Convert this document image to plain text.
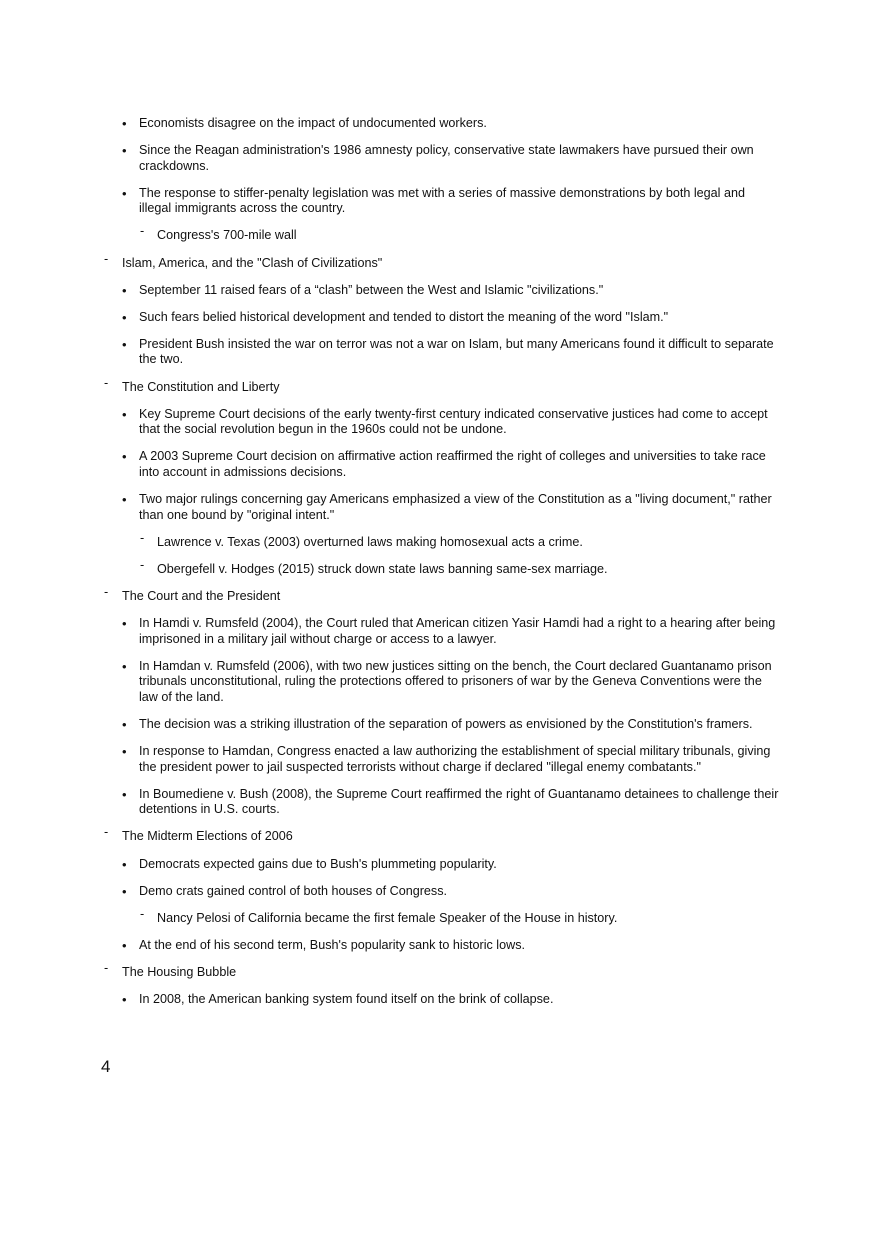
• Economists disagree on the impact of undocumented workers.
• Since the Reagan administration's 1986 amnesty policy, conservative state lawmakers have pursued their own crackdowns.
• The response to stiffer-penalty legislation was met with a series of massive demonstrations by both legal and illegal immigrants across the country.
- Congress's 700-mile wall
- Islam, America, and the "Clash of Civilizations"
• September 11 raised fears of a “clash” between the West and Islamic "civilizations."
• Such fears belied historical development and tended to distort the meaning of the word "Islam."
• President Bush insisted the war on terror was not a war on Islam, but many Americans found it difficult to separate the two.
- The Constitution and Liberty
• Key Supreme Court decisions of the early twenty-first century indicated conservative justices had come to accept that the social revolution begun in the 1960s could not be undone.
• A 2003 Supreme Court decision on affirmative action reaffirmed the right of colleges and universities to take race into account in admissions decisions.
• Two major rulings concerning gay Americans emphasized a view of the Constitution as a "living document," rather than one bound by "original intent."
- Lawrence v. Texas (2003) overturned laws making homosexual acts a crime.
- Obergefell v. Hodges (2015) struck down state laws banning same-sex marriage.
- The Court and the President
• In Hamdi v. Rumsfeld (2004), the Court ruled that American citizen Yasir Hamdi had a right to a hearing after being imprisoned in a military jail without charge or access to a lawyer.
• In Hamdan v. Rumsfeld (2006), with two new justices sitting on the bench, the Court declared Guantanamo prison tribunals unconstitutional, ruling the protections offered to prisoners of war by the Geneva Conventions were the law of the land.
• The decision was a striking illustration of the separation of powers as envisioned by the Constitution's framers.
• In response to Hamdan, Congress enacted a law authorizing the establishment of special military tribunals, giving the president power to jail suspected terrorists without charge if declared "illegal enemy combatants."
• In Boumediene v. Bush (2008), the Supreme Court reaffirmed the right of Guantanamo detainees to challenge their detentions in U.S. courts.
- The Midterm Elections of 2006
• Democrats expected gains due to Bush's plummeting popularity.
• Demo crats gained control of both houses of Congress.
- Nancy Pelosi of California became the first female Speaker of the House in history.
• At the end of his second term, Bush's popularity sank to historic lows.
- The Housing Bubble
• In 2008, the American banking system found itself on the brink of collapse.
4
